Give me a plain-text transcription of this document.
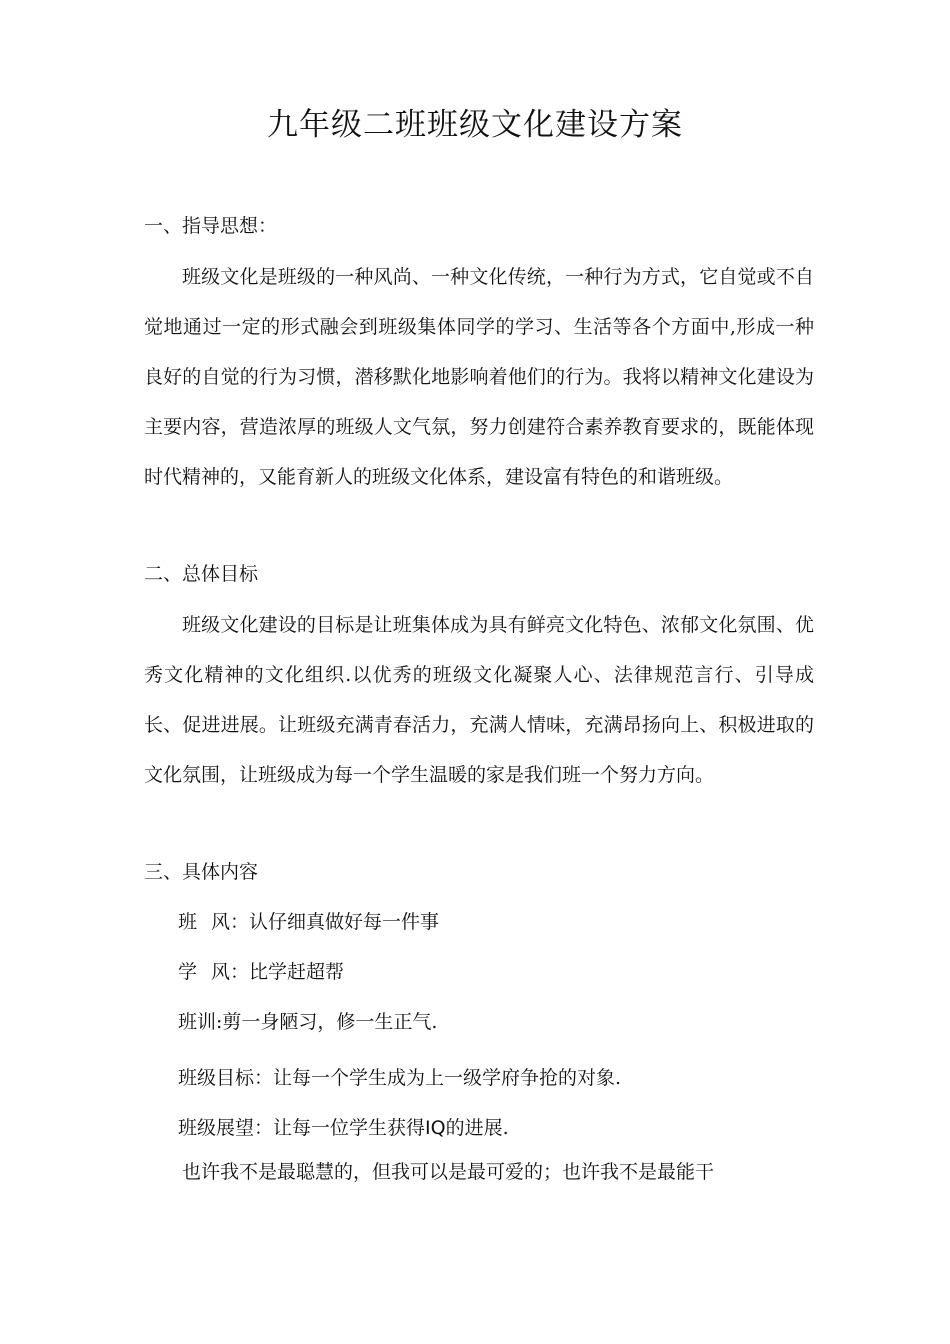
九年级二班班级文化建设方案

一、指导思想：

班级文化是班级的一种风尚、一种文化传统，一种行为方式，它自觉或不自觉地通过一定的形式融会到班级集体同学的学习、生活等各个方面中,形成一种良好的自觉的行为习惯，潜移默化地影响着他们的行为。我将以精神文化建设为主要内容，营造浓厚的班级人文气氛，努力创建符合素养教育要求的，既能体现时代精神的，又能育新人的班级文化体系，建设富有特色的和谐班级。

二、总体目标

班级文化建设的目标是让班集体成为具有鲜亮文化特色、浓郁文化氛围、优秀文化精神的文化组织.以优秀的班级文化凝聚人心、法律规范言行、引导成长、促进进展。让班级充满青春活力，充满人情味，充满昂扬向上、积极进取的文化氛围，让班级成为每一个学生温暖的家是我们班一个努力方向。

三、具体内容

班 风：认仔细真做好每一件事

学 风：比学赶超帮

班训:剪一身陋习，修一生正气.

班级目标：让每一个学生成为上一级学府争抢的对象.

班级展望：让每一位学生获得IQ的进展.

也许我不是最聪慧的，但我可以是最可爱的；也许我不是最能干
